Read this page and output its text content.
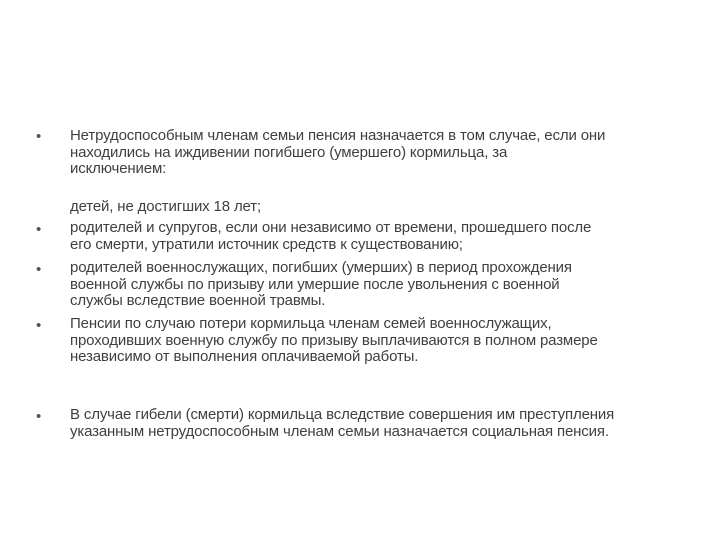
• Нетрудоспособным членам семьи пенсия назначается в том случае, если они
находились на иждивении погибшего (умершего) кормильца, за
исключением:
детей, не достигших 18 лет;
• родителей и супругов, если они независимо от времени, прошедшего после
его смерти, утратили источник средств к существованию;
• родителей военнослужащих, погибших (умерших) в период прохождения
военной службы по призыву или умершие после увольнения с военной
службы вследствие военной травмы.
• Пенсии по случаю потери кормильца членам семей военнослужащих,
проходивших военную службу по призыву выплачиваются в полном размере
независимо от выполнения оплачиваемой работы.
• В случае гибели (смерти) кормильца вследствие совершения им преступления
указанным нетрудоспособным членам семьи назначается социальная пенсия.
